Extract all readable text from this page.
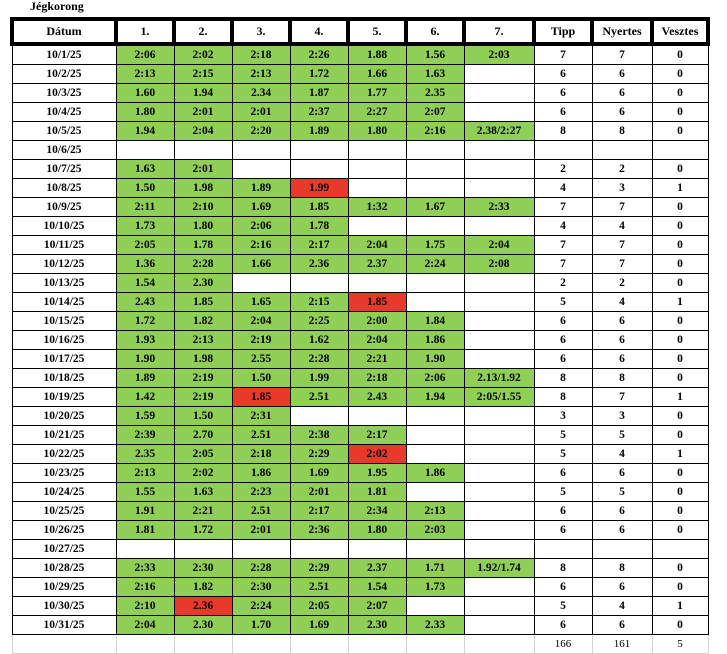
Jégkorong
Dátum	1.	2.	3.	4.	5.	6.	7.	Tipp	Nyertes	Vesztes
10/1/25	2:06	2:02	2:18	2:26	1.88	1.56	2:03	7	7	0
10/2/25	2:13	2:15	2:13	1.72	1.66	1.63		6	6	0
10/3/25	1.60	1.94	2.34	1.87	1.77	2.35		6	6	0
10/4/25	1.80	2:01	2:01	2:37	2:27	2:07		6	6	0
10/5/25	1.94	2:04	2:20	1.89	1.80	2:16	2.38/2:27	8	8	0
10/6/25										
10/7/25	1.63	2:01						2	2	0
10/8/25	1.50	1.98	1.89	1.99				4	3	1
10/9/25	2:11	2:10	1.69	1.85	1:32	1.67	2:33	7	7	0
10/10/25	1.73	1.80	2:06	1.78				4	4	0
10/11/25	2:05	1.78	2:16	2:17	2:04	1.75	2:04	7	7	0
10/12/25	1.36	2:28	1.66	2.36	2.37	2:24	2:08	7	7	0
10/13/25	1.54	2.30						2	2	0
10/14/25	2.43	1.85	1.65	2:15	1.85			5	4	1
10/15/25	1.72	1.82	2:04	2:25	2:00	1.84		6	6	0
10/16/25	1.93	2:13	2:19	1.62	2:04	1.86		6	6	0
10/17/25	1.90	1.98	2.55	2:28	2:21	1.90		6	6	0
10/18/25	1.89	2:19	1.50	1.99	2:18	2:06	2.13/1.92	8	8	0
10/19/25	1.42	2:19	1.85	2.51	2.43	1.94	2:05/1.55	8	7	1
10/20/25	1.59	1.50	2:31					3	3	0
10/21/25	2:39	2.70	2.51	2:38	2:17			5	5	0
10/22/25	2.35	2:05	2:18	2:29	2:02			5	4	1
10/23/25	2:13	2:02	1.86	1.69	1.95	1.86		6	6	0
10/24/25	1.55	1.63	2:23	2:01	1.81			5	5	0
10/25/25	1.91	2:21	2.51	2:17	2:34	2:13		6	6	0
10/26/25	1.81	1.72	2:01	2:36	1.80	2:03		6	6	0
10/27/25										
10/28/25	2:33	2:30	2:28	2:29	2.37	1.71	1.92/1.74	8	8	0
10/29/25	2:16	1.82	2:30	2.51	1.54	1.73		6	6	0
10/30/25	2:10	2.36	2:24	2:05	2:07			5	4	1
10/31/25	2:04	2.30	1.70	1.69	2.30	2.33		6	6	0
								166	161	5
